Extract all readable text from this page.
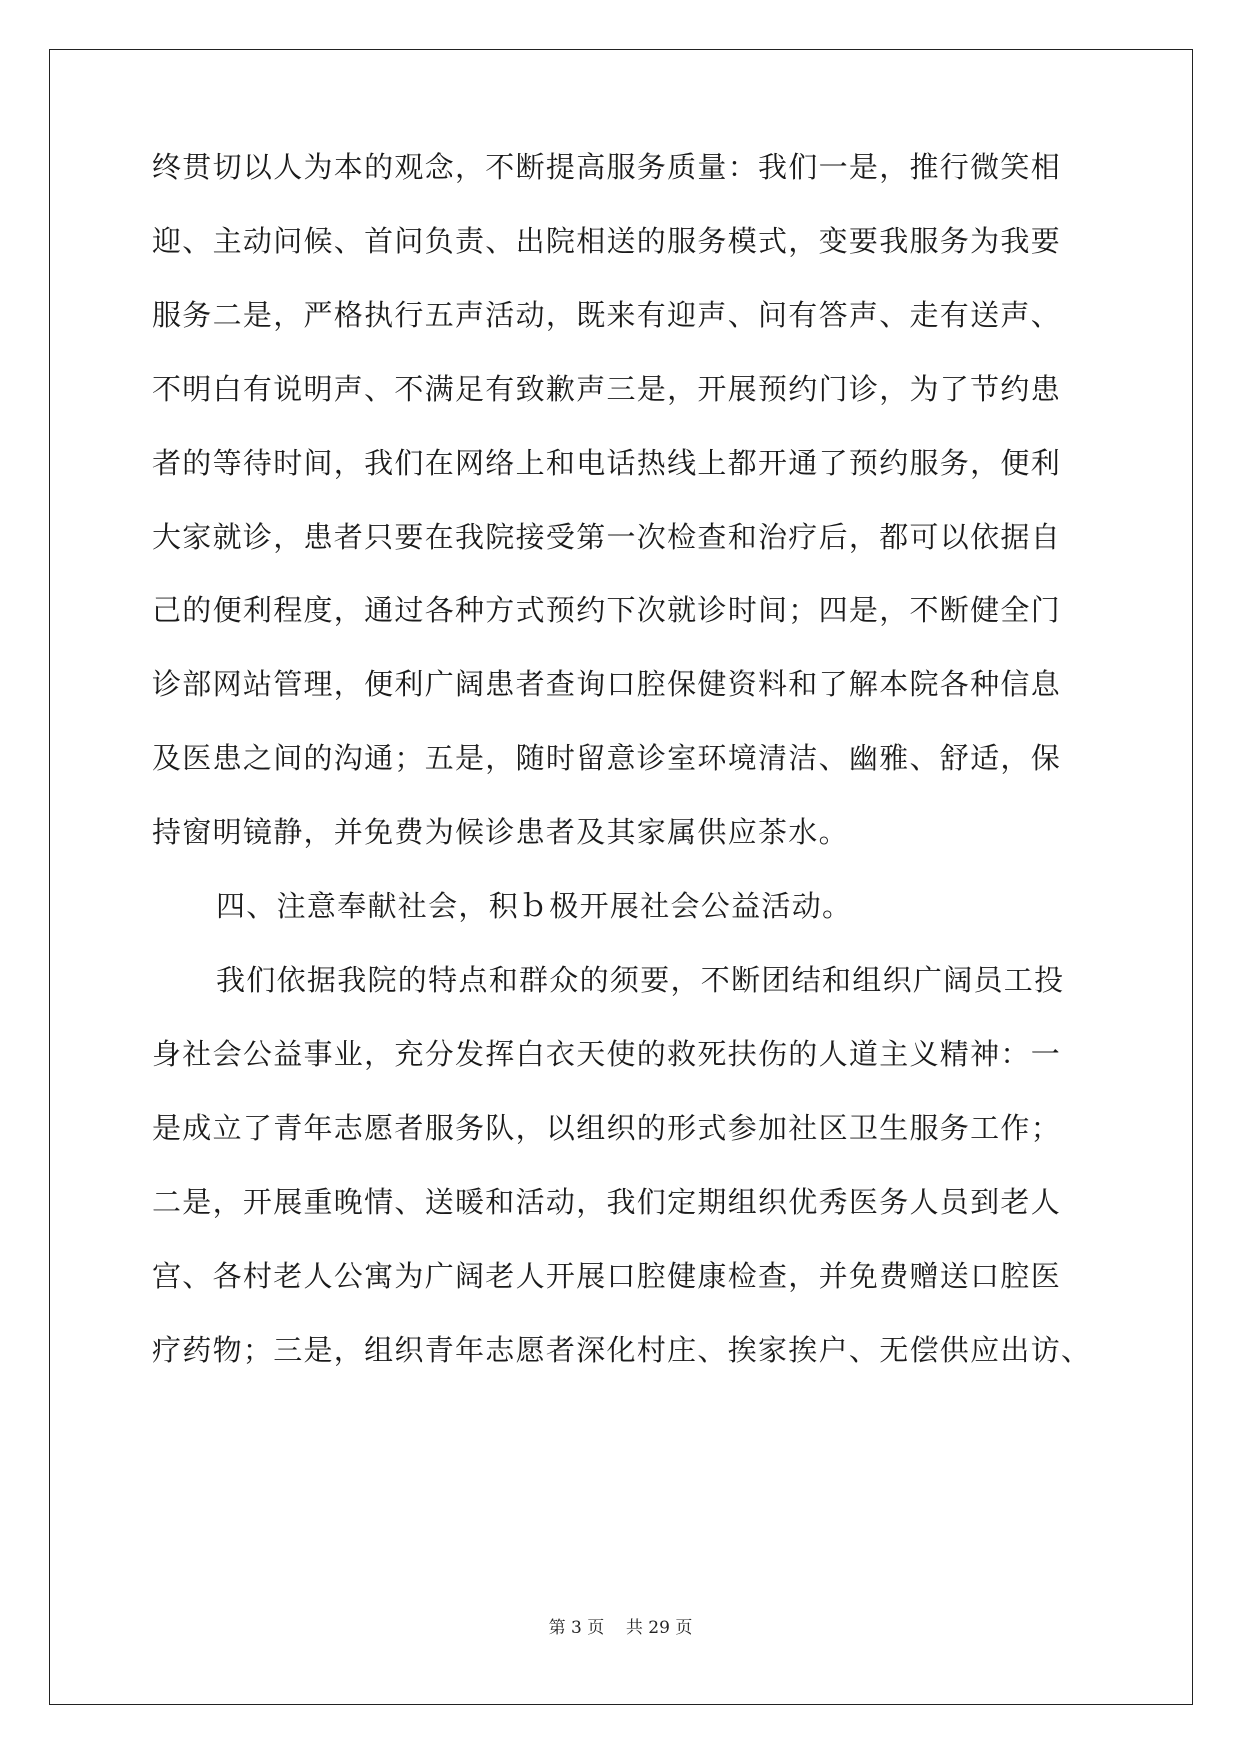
终贯切以人为本的观念，不断提高服务质量：我们一是，推行微笑相
迎、主动问候、首问负责、出院相送的服务模式，变要我服务为我要
服务二是，严格执行五声活动，既来有迎声、问有答声、走有送声、
不明白有说明声、不满足有致歉声三是，开展预约门诊，为了节约患
者的等待时间，我们在网络上和电话热线上都开通了预约服务，便利
大家就诊，患者只要在我院接受第一次检查和治疗后，都可以依据自
己的便利程度，通过各种方式预约下次就诊时间；四是，不断健全门
诊部网站管理，便利广阔患者查询口腔保健资料和了解本院各种信息
及医患之间的沟通；五是，随时留意诊室环境清洁、幽雅、舒适，保
持窗明镜静，并免费为候诊患者及其家属供应茶水。
四、注意奉献社会，积ｂ极开展社会公益活动。
我们依据我院的特点和群众的须要，不断团结和组织广阔员工投
身社会公益事业，充分发挥白衣天使的救死扶伤的人道主义精神：一
是成立了青年志愿者服务队，以组织的形式参加社区卫生服务工作；
二是，开展重晚情、送暖和活动，我们定期组织优秀医务人员到老人
宫、各村老人公寓为广阔老人开展口腔健康检查，并免费赠送口腔医
疗药物；三是，组织青年志愿者深化村庄、挨家挨户、无偿供应出访、
第 3 页    共 29 页
